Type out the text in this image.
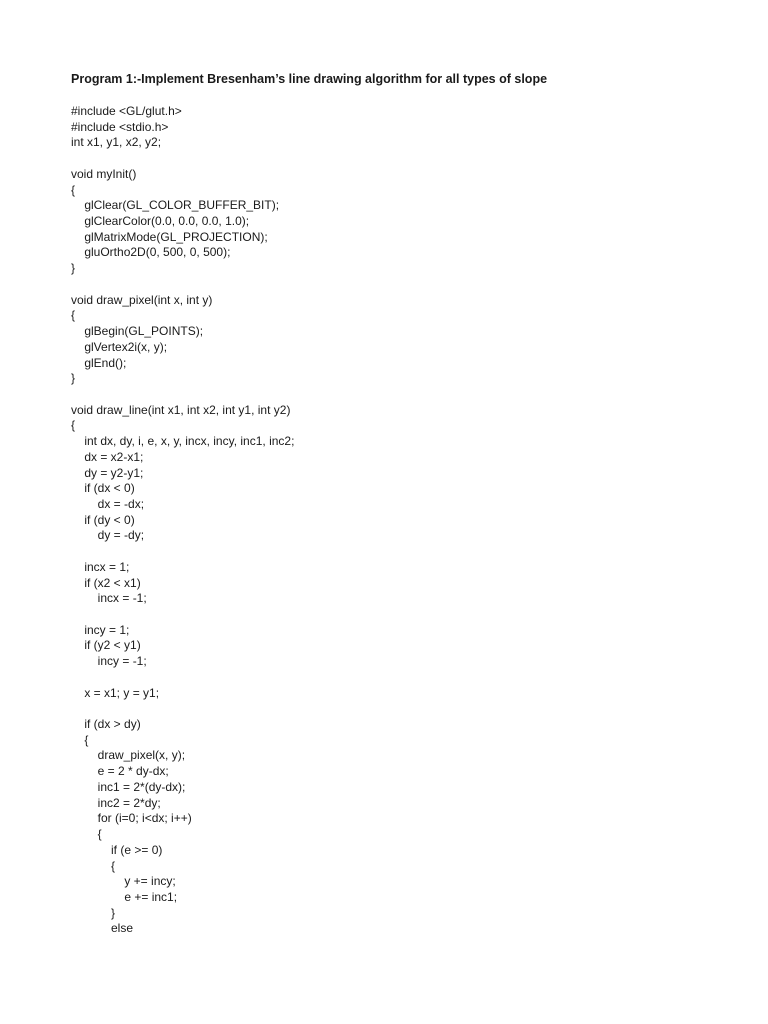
Program 1:-Implement Bresenham’s line drawing algorithm for all types of slope

#include <GL/glut.h>
#include <stdio.h>
int x1, y1, x2, y2;
void myInit()
{
glClear(GL_COLOR_BUFFER_BIT);
glClearColor(0.0, 0.0, 0.0, 1.0);
glMatrixMode(GL_PROJECTION);
gluOrtho2D(0, 500, 0, 500);
}
void draw_pixel(int x, int y)
{
glBegin(GL_POINTS);
glVertex2i(x, y);
glEnd();
}
void draw_line(int x1, int x2, int y1, int y2)
{
int dx, dy, i, e, x, y, incx, incy, inc1, inc2;
dx = x2-x1;
dy = y2-y1;
if (dx < 0)
dx = -dx;
if (dy < 0)
dy = -dy;
incx = 1;
if (x2 < x1)
incx = -1;
incy = 1;
if (y2 < y1)
incy = -1;
x = x1; y = y1;
if (dx > dy)
{
draw_pixel(x, y);
e = 2 * dy-dx;
inc1 = 2*(dy-dx);
inc2 = 2*dy;
for (i=0; i<dx; i++)
{
if (e >= 0)
{
y += incy;
e += inc1;
}
else
